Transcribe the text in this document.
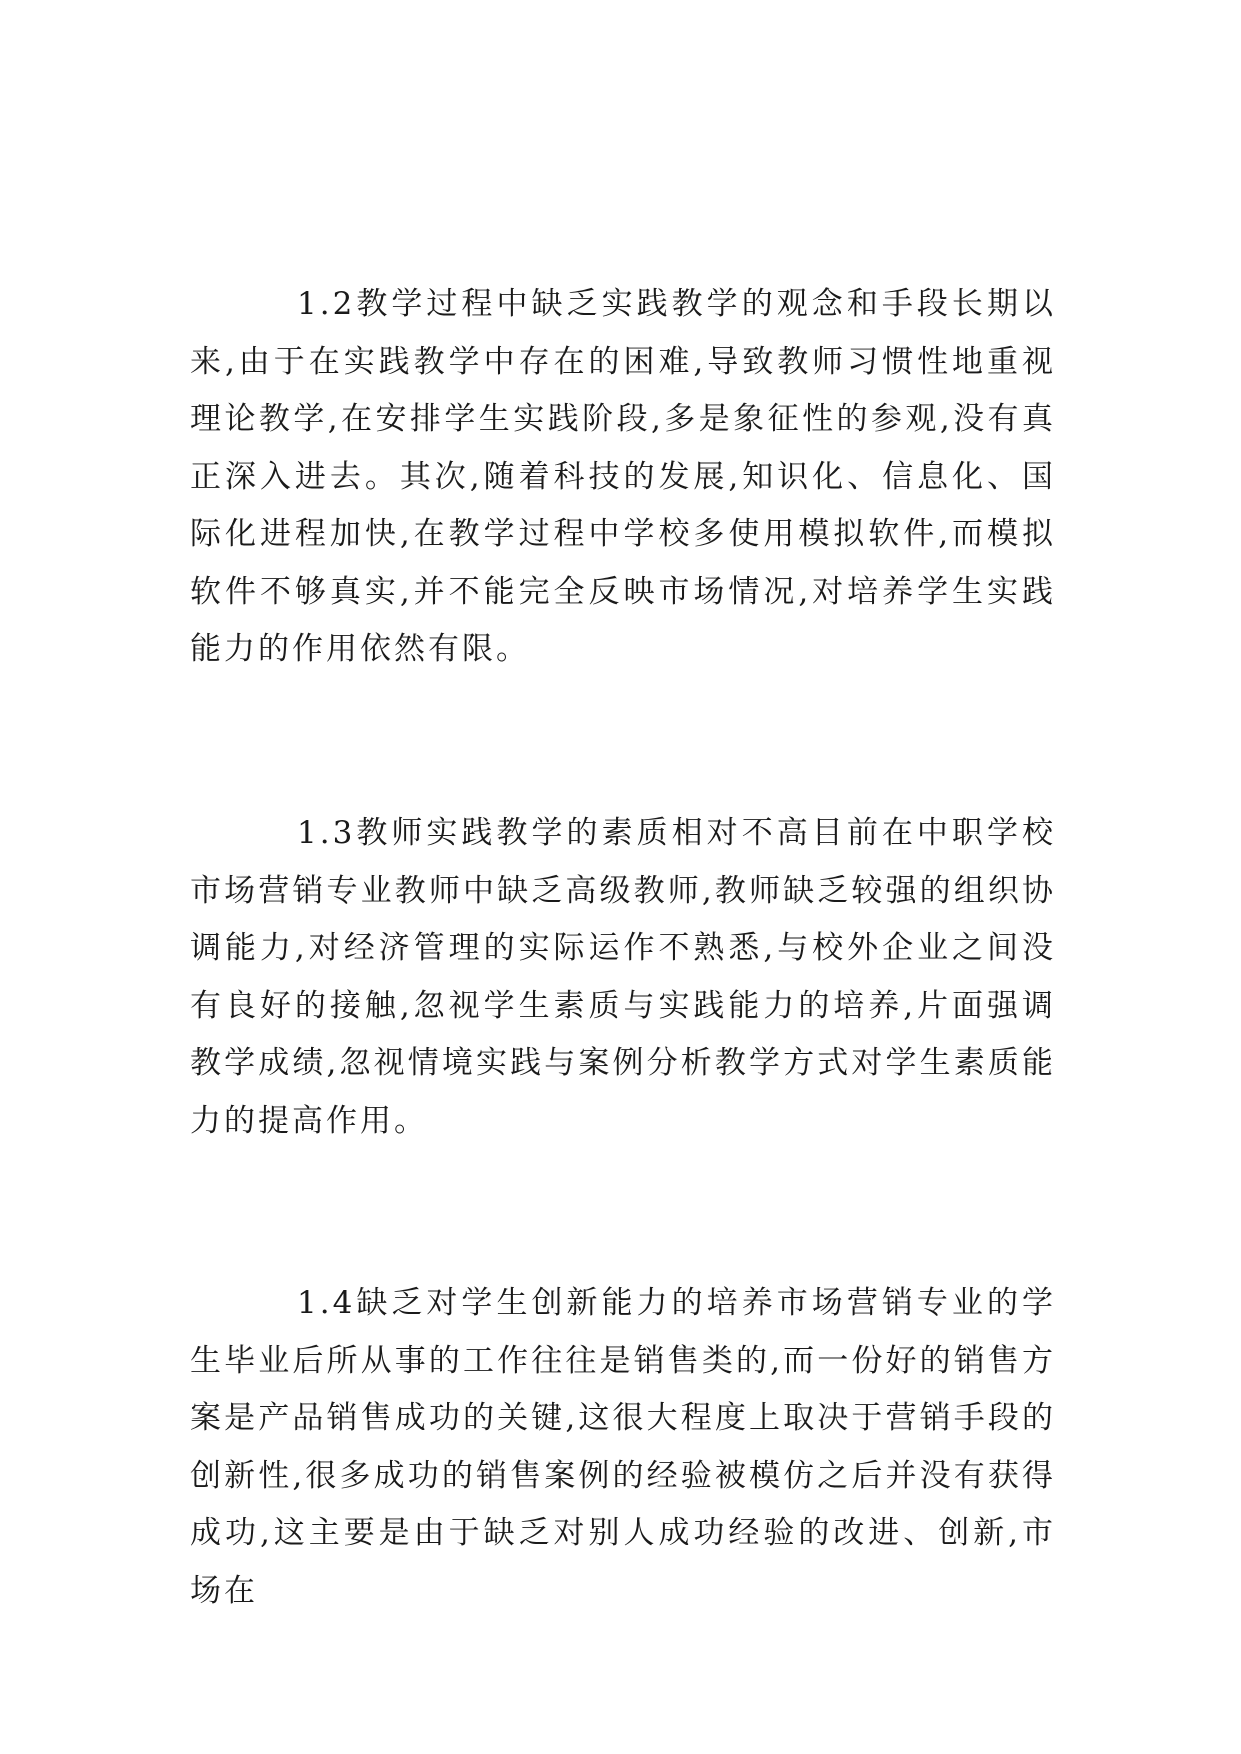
1.2教学过程中缺乏实践教学的观念和手段长期以来,由于在实践教学中存在的困难,导致教师习惯性地重视理论教学,在安排学生实践阶段,多是象征性的参观,没有真正深入进去。其次,随着科技的发展,知识化、信息化、国际化进程加快,在教学过程中学校多使用模拟软件,而模拟软件不够真实,并不能完全反映市场情况,对培养学生实践能力的作用依然有限。

1.3教师实践教学的素质相对不高目前在中职学校市场营销专业教师中缺乏高级教师,教师缺乏较强的组织协调能力,对经济管理的实际运作不熟悉,与校外企业之间没有良好的接触,忽视学生素质与实践能力的培养,片面强调教学成绩,忽视情境实践与案例分析教学方式对学生素质能力的提高作用。

1.4缺乏对学生创新能力的培养市场营销专业的学生毕业后所从事的工作往往是销售类的,而一份好的销售方案是产品销售成功的关键,这很大程度上取决于营销手段的创新性,很多成功的销售案例的经验被模仿之后并没有获得成功,这主要是由于缺乏对别人成功经验的改进、创新,市场在
